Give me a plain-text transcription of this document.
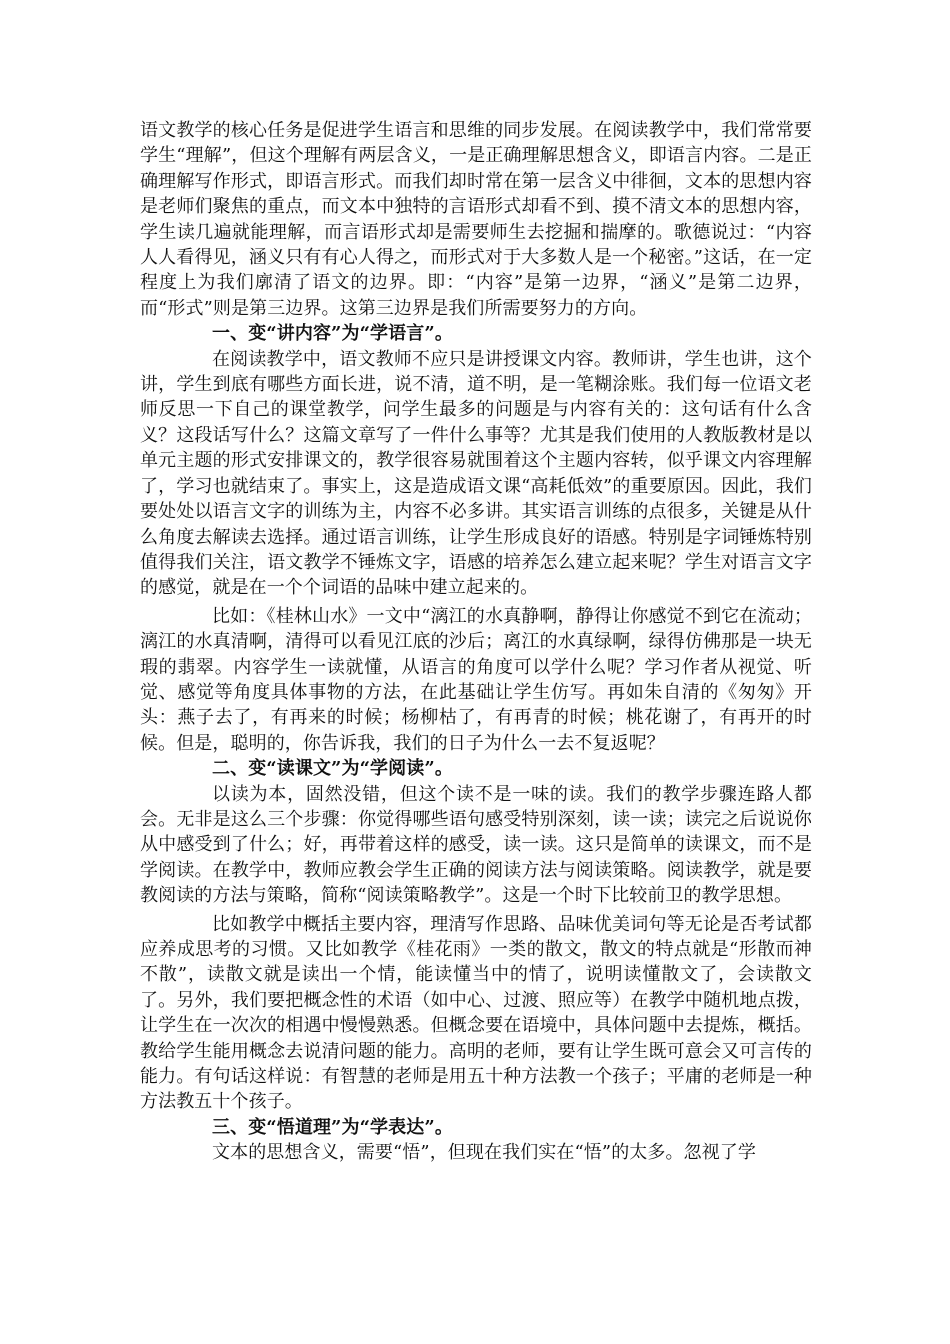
语文教学的核心任务是促进学生语言和思维的同步发展。在阅读教学中，我们常常要学生“理解”，但这个理解有两层含义，一是正确理解思想含义，即语言内容。二是正确理解写作形式，即语言形式。而我们却时常在第一层含义中徘徊，文本的思想内容是老师们聚焦的重点，而文本中独特的言语形式却看不到、摸不清文本的思想内容，学生读几遍就能理解，而言语形式却是需要师生去挖掘和揣摩的。歌德说过：“内容人人看得见，涵义只有有心人得之，而形式对于大多数人是一个秘密。”这话，在一定程度上为我们廓清了语文的边界。即：“内容”是第一边界，“涵义”是第二边界，而“形式”则是第三边界。这第三边界是我们所需要努力的方向。

一、变“讲内容”为“学语言”。

在阅读教学中，语文教师不应只是讲授课文内容。教师讲，学生也讲，这个讲，学生到底有哪些方面长进，说不清，道不明，是一笔糊涂账。我们每一位语文老师反思一下自己的课堂教学，问学生最多的问题是与内容有关的：这句话有什么含义？这段话写什么？这篇文章写了一件什么事等？尤其是我们使用的人教版教材是以单元主题的形式安排课文的，教学很容易就围着这个主题内容转，似乎课文内容理解了，学习也就结束了。事实上，这是造成语文课“高耗低效”的重要原因。因此，我们要处处以语言文字的训练为主，内容不必多讲。其实语言训练的点很多，关键是从什么角度去解读去选择。通过语言训练，让学生形成良好的语感。特别是字词锤炼特别值得我们关注，语文教学不锤炼文字，语感的培养怎么建立起来呢？学生对语言文字的感觉，就是在一个个词语的品味中建立起来的。

比如：《桂林山水》一文中“漓江的水真静啊，静得让你感觉不到它在流动；漓江的水真清啊，清得可以看见江底的沙后；离江的水真绿啊，绿得仿佛那是一块无瑕的翡翠。内容学生一读就懂，从语言的角度可以学什么呢？学习作者从视觉、听觉、感觉等角度具体事物的方法，在此基础让学生仿写。再如朱自清的《匆匆》开头：燕子去了，有再来的时候；杨柳枯了，有再青的时候；桃花谢了，有再开的时候。但是，聪明的，你告诉我，我们的日子为什么一去不复返呢？

二、变“读课文”为“学阅读”。

以读为本，固然没错，但这个读不是一味的读。我们的教学步骤连路人都会。无非是这么三个步骤：你觉得哪些语句感受特别深刻，读一读；读完之后说说你从中感受到了什么；好，再带着这样的感受，读一读。这只是简单的读课文，而不是学阅读。在教学中，教师应教会学生正确的阅读方法与阅读策略。阅读教学，就是要教阅读的方法与策略，简称“阅读策略教学”。这是一个时下比较前卫的教学思想。

比如教学中概括主要内容，理清写作思路、品味优美词句等无论是否考试都应养成思考的习惯。又比如教学《桂花雨》一类的散文，散文的特点就是“形散而神不散”，读散文就是读出一个情，能读懂当中的情了，说明读懂散文了，会读散文了。另外，我们要把概念性的术语（如中心、过渡、照应等）在教学中随机地点拨，让学生在一次次的相遇中慢慢熟悉。但概念要在语境中，具体问题中去提炼，概括。教给学生能用概念去说清问题的能力。高明的老师，要有让学生既可意会又可言传的能力。有句话这样说：有智慧的老师是用五十种方法教一个孩子；平庸的老师是一种方法教五十个孩子。

三、变“悟道理”为“学表达”。

文本的思想含义，需要“悟”，但现在我们实在“悟”的太多。忽视了学
